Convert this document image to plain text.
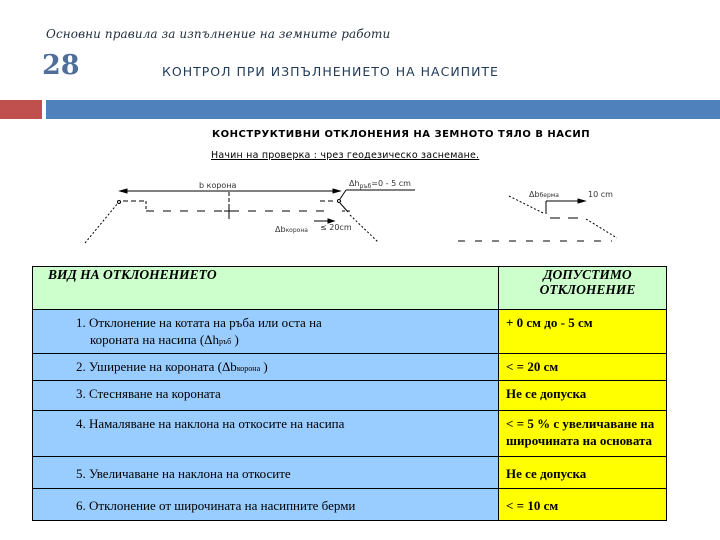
Основни правила за изпълнение на земните работи
28	КОНТРОЛ ПРИ ИЗПЪЛНЕНИЕТО НА НАСИПИТЕ
КОНСТРУКТИВНИ ОТКЛОНЕНИЯ НА ЗЕМНОТО ТЯЛО В НАСИП
Начин на проверка : чрез геодезическо заснемане.
b корона	$\Delta h_{ръб}=0 - 5$ cm
Δbкорона ≤ 20cm
Δbберма	10 cm
ВИД НА ОТКЛОНЕНИЕТО	ДОПУСТИМО
ОТКЛОНЕНИЕ

1. Отклонение на котата на ръба или оста на
короната на насипа (Δhръб )	+ 0 см до - 5 см
2. Уширение на короната (Δbкорона )	< = 20 см
3. Стесняване на короната	Не се допуска
4. Намаляване на наклона на откосите на насипа	< = 5 % с увеличаване на
широчината на основата

5. Увеличаване на наклона на откосите	Не се допуска
6. Отклонение от широчината на насипните берми	< = 10 см
